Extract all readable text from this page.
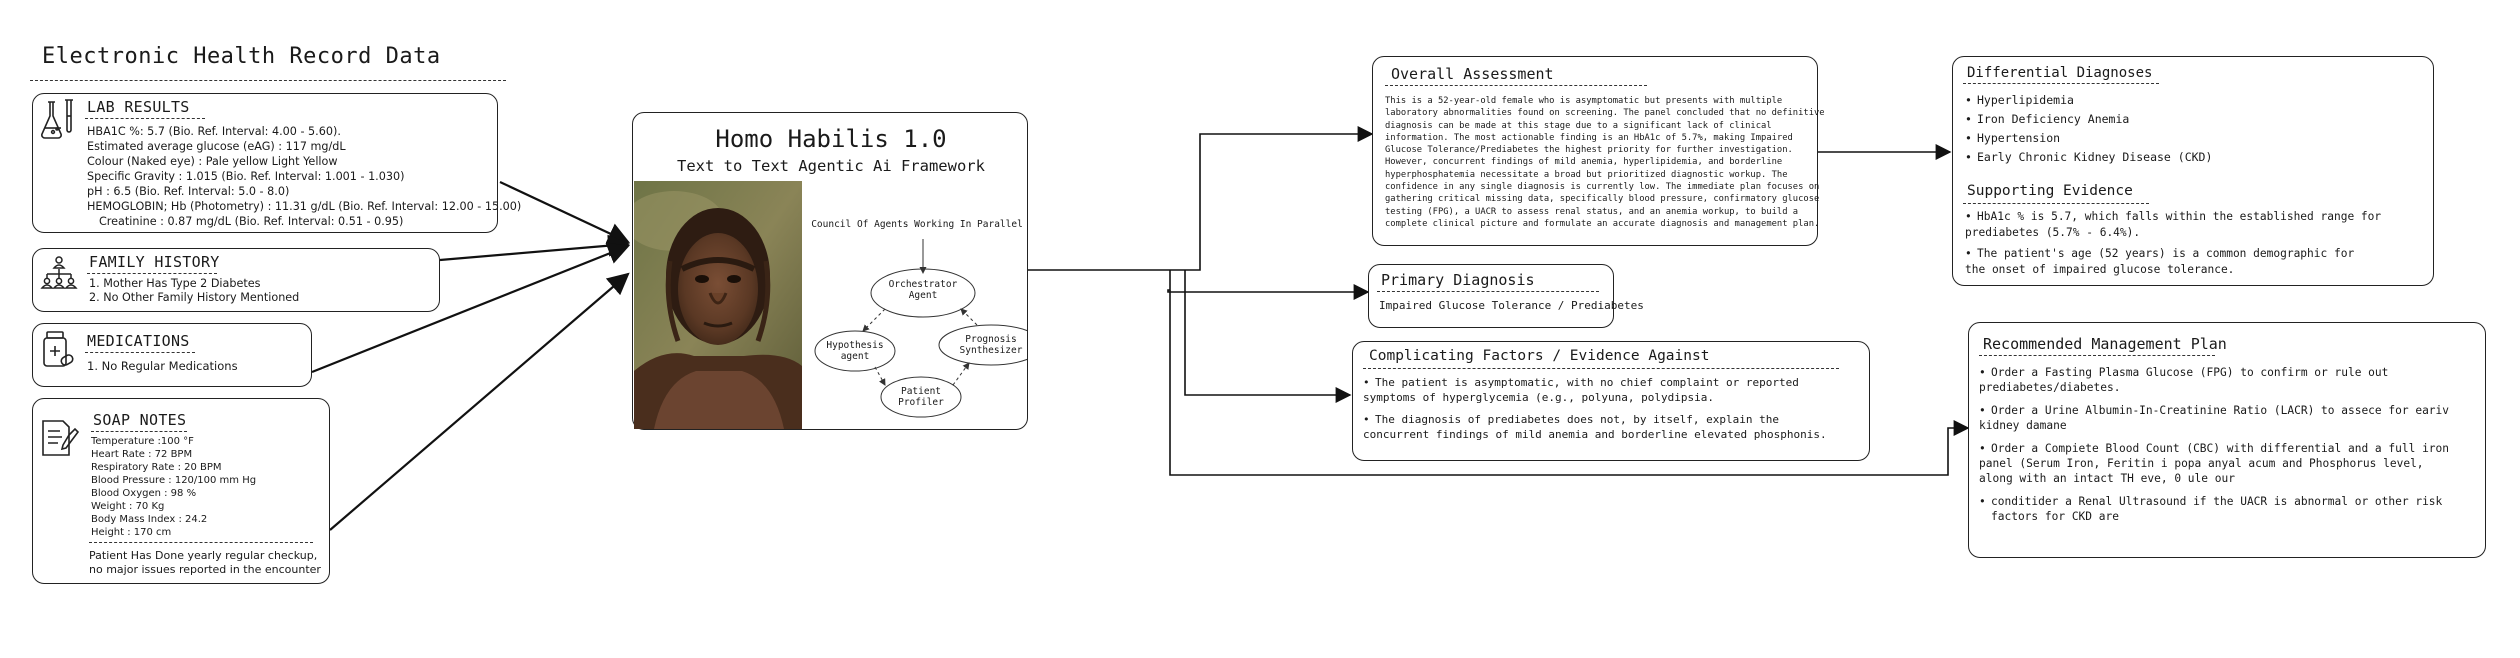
Electronic Health Record Data
LAB RESULTS
HBA1C %: 5.7 (Bio. Ref. Interval: 4.00 - 5.60).
Estimated average glucose (eAG) : 117 mg/dL
Colour (Naked eye) : Pale yellow Light Yellow
Specific Gravity : 1.015 (Bio. Ref. Interval: 1.001 - 1.030)
pH : 6.5 (Bio. Ref. Interval: 5.0 - 8.0)
HEMOGLOBIN; Hb (Photometry) : 11.31 g/dL (Bio. Ref. Interval: 12.00 - 15.00)
Creatinine : 0.87 mg/dL (Bio. Ref. Interval: 0.51 - 0.95)
FAMILY HISTORY
1. Mother Has Type 2 Diabetes
2. No Other Family History Mentioned
MEDICATIONS
1. No Regular Medications
SOAP NOTES
Temperature :100 °F
Heart Rate : 72 BPM
Respiratory Rate : 20 BPM
Blood Pressure : 120/100 mm Hg
Blood Oxygen : 98 %
Weight : 70 Kg
Body Mass Index : 24.2
Height : 170 cm
Patient Has Done yearly regular checkup,
no major issues reported in the encounter
Homo Habilis 1.0
Text to Text Agentic Ai Framework
Council Of Agents Working In Parallel
Orchestrator
Agent
Hypothesis
agent
Prognosis
Synthesizer
Patient
Profiler
Overall Assessment
This is a 52-year-old female who is asymptomatic but presents with multiple
laboratory abnormalities found on screening. The panel concluded that no definitive
diagnosis can be made at this stage due to a significant lack of clinical
information. The most actionable finding is an HbA1c of 5.7%, making Impaired
Glucose Tolerance/Prediabetes the highest priority for further investigation.
However, concurrent findings of mild anemia, hyperlipidemia, and borderline
hyperphosphatemia necessitate a broad but prioritized diagnostic workup. The
confidence in any single diagnosis is currently low. The immediate plan focuses on
gathering critical missing data, specifically blood pressure, confirmatory glucose
testing (FPG), a UACR to assess renal status, and an anemia workup, to build a
complete clinical picture and formulate an accurate diagnosis and management plan.
Primary Diagnosis
Impaired Glucose Tolerance / Prediabetes
Complicating Factors / Evidence Against
• The patient is asymptomatic, with no chief complaint or reported
symptoms of hyperglycemia (e.g., polyuna, polydipsia.
• The diagnosis of prediabetes does not, by itself, explain the
concurrent findings of mild anemia and borderline elevated phosphonis.
Differential Diagnoses
• Hyperlipidemia
• Iron Deficiency Anemia
• Hypertension
• Early Chronic Kidney Disease (CKD)
Supporting Evidence
• HbA1c % is 5.7, which falls within the established range for
prediabetes (5.7% - 6.4%).
• The patient's age (52 years) is a common demographic for
the onset of impaired glucose tolerance.
Recommended Management Plan
• Order a Fasting Plasma Glucose (FPG) to confirm or rule out
prediabetes/diabetes.
• Order a Urine Albumin-In-Creatinine Ratio (LACR) to assece for eariv
kidney damane
• Order a Compiete Blood Count (CBC) with differential and a full iron
panel (Serum Iron, Feritin i popa anyal acum and Phosphorus level,
along with an intact TH eve, 0 ule our
• conditider a Renal Ultrasound if the UACR is abnormal or other risk
factors for CKD are
